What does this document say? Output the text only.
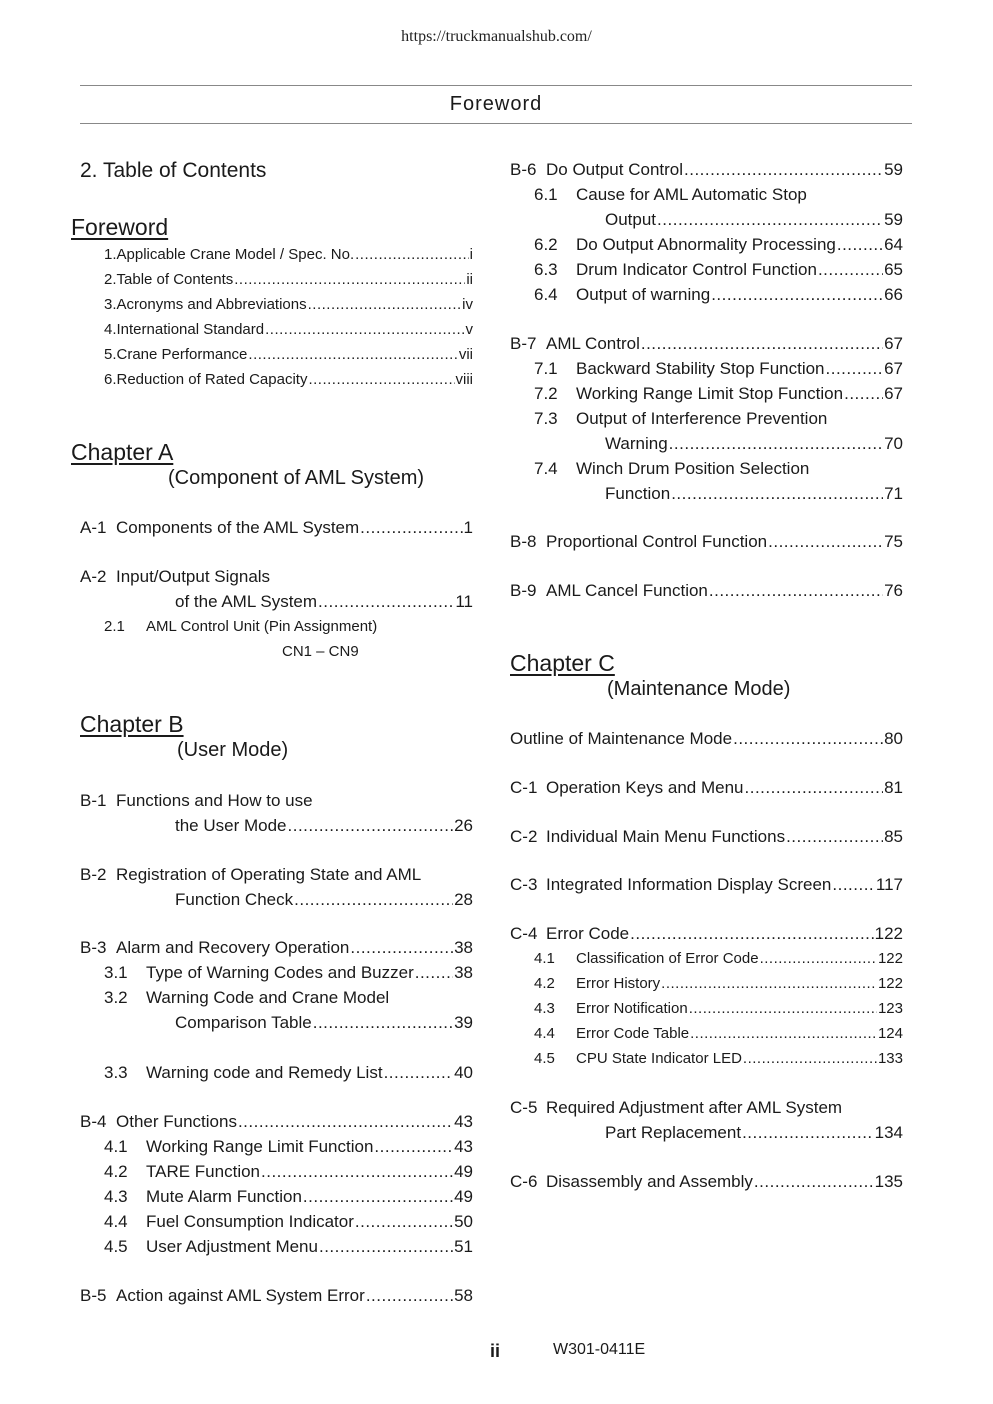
https://truckmanualshub.com/
Foreword
2. Table of Contents
Foreword
1.Applicable Crane Model / Spec. No. .....	i
2.Table of Contents .....	ii
3.Acronyms and Abbreviations .....	iv
4.International Standard .....	v
5.Crane Performance .....	vii
6.Reduction of Rated Capacity .....	viii
Chapter A
(Component of AML System)
A-1 Components of the AML System .....	1
A-2 Input/Output Signals
of the AML System .....	11
2.1	AML Control Unit (Pin Assignment)
CN1 – CN9
B-1 Functions and How to use
the User Mode .....	26
B-2 Registration of Operating State and AML
Function Check .....	28
B-3 Alarm and Recovery Operation .....	38
3.1	Type of Warning Codes and Buzzer ..... 38
3.2	Warning Code and Crane Model
Comparison Table .....	39
3.3	Warning code and Remedy List .....	40
B-4 Other Functions .....	43
4.1	Working Range Limit Function .....	43
4.2	TARE Function .....	49
4.3	Mute Alarm Function .....	49
4.4	Fuel Consumption Indicator .....	50
4.5	User Adjustment Menu .....	51
B-5 Action against AML System Error .....	58
Chapter B
(User Mode)
B-6 Do Output Control .....	59
6.1	Cause for AML Automatic Stop
Output .....	59
6.2	Do Output Abnormality Processing .....	64
6.3	Drum Indicator Control Function .....	65
6.4	Output of warning .....	66
B-7 AML Control .....	67
7.1	Backward Stability Stop Function .....	67
7.2	Working Range Limit Stop Function ..... 67
7.3	Output of Interference Prevention
Warning .....	70
7.4	Winch Drum Position Selection
Function .....	71
B-8 Proportional Control Function .....	75
B-9 AML Cancel Function .....	76
Outline of Maintenance Mode .....	80
C-1 Operation Keys and Menu .....	81
C-2 Individual Main Menu Functions .....	85
C-3 Integrated Information Display Screen .....	117
C-4 Error Code .....	122
4.1	Classification of Error Code .....	122
4.2	Error History .....	122
4.3	Error Notification .....	123
4.4	Error Code Table .....	124
4.5	CPU State Indicator LED .....	133
C-5 Required Adjustment after AML System
Part Replacement .....	134
C-6 Disassembly and Assembly .....	135
Chapter C
(Maintenance Mode)
ii	W301-0411E
